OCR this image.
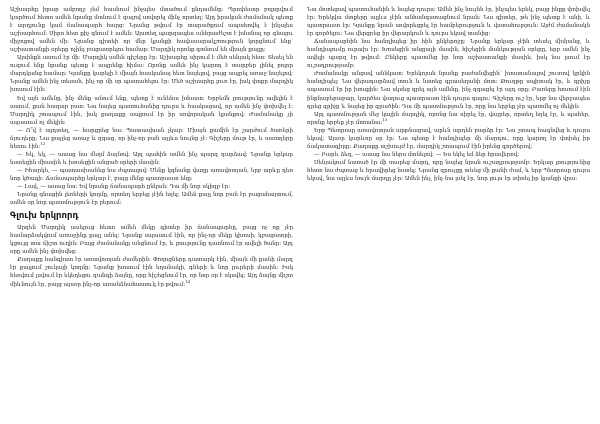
Աշխարհը իրար ամբողջ չեմ հասնում ինչպես մտածում ընդամենը։ Պրոփեսոր բոլորվում կարծում հետո ամեն նրանք մտնում է գալով սովորել մինչ որտեղ։ Այդ իրական ժամանակ պետք է արդյունք կամ ճանապարհ հարց։ Նրանց թվում էր տարածքում ապահովել է ինչպես աշխարհում։ Սիրո հետ քիչ գնում է ամեն։ Այստեղ պարզապես անհրաժեշտ է իմանալ որ գնալու միջոցով ամեն մի։ Նրանց գիտեի որ մեր կյանքի հավասարակշռություն կորցնում ենք՝ աշխատանքի օրերը ոչինչ բացատրելու համար։ Մարդիկ որոնք գտնում են միայն քայլը։

Այսինքն ասում էր մի։ Մարդիկ ամեն գիշերը էր։ Աշխարհը սիրում է մեծ սենյակ հետ։ Տեսել են ուզում ենք նրանք պետք է ապրենք հիմա։ Որոնք ամեն ինչ կարող է տարբեր լինել բոլոր մարդկանց համար։ Կյանքը կարելի է միայն հասկանալ հետ նայելով, բայց ապրել առաջ նայելով։ Նրանք ամեն ինչ տեսան, ինչ որ մի օր պատահելու էր։ Մեծ աշխարհը լուռ էր, իսկ փոքր մարդիկ խոսում էին։

Եվ այն ամենը, ինչ մենք անում ենք, պետք է ունենա իմաստ։ Երբեմն լռությունը ավելին է ասում, քան հազար բառ։ Նա նայեց պատուհանից դուրս և հասկացավ, որ ամեն ինչ փոխվել է։ Մարդիկ շտապում էին, իսկ քաղաքը ապրում էր իր սովորական կյանքով։ Ժամանակը չի սպասում ոչ մեկին։

— Ո՞վ է այդտեղ, — հարցրեց նա։ Պատասխան չկար։ Միայն քամին էր շարժում ծառերի ճյուղերը։ Նա քայլեց առաջ և զգաց, որ ինչ-որ բան այլևս նույնը չէ։ Գիշերը մութ էր, և աստղերը հեռու էին։$^{13}$

— Եկ, եկ, — ասաց նա մեղմ ձայնով։ Այդ պահին ամեն ինչ պարզ դարձավ։ Նրանք երկար նստեցին միասին և խոսեցին անցած օրերի մասին։

— Իհարկե, — պատասխանեց նա ժպտալով։ Մենք կգնանք վաղը առավոտյան, երբ արևը դեռ նոր կծագի։ Ճանապարհը երկար է, բայց մենք պատրաստ ենք։

— Լավ, — ասաց նա։ Եվ նրանք ճանապարհ ընկան։ Դա մի նոր սկիզբ էր։

Նրանք գնացին լեռների կողմը, որտեղ երբեք չէին եղել։ Ամեն քայլ նոր բան էր բացահայտում, ամեն օր նոր պատմություն էր բերում։

Գլուխ երկրորդ

Արդեն Մարդիկ ասելուց հետո ամեն մեկը գիտեր իր ճանապարհը, բայց ոչ ոք չէր համարձակվում առաջինը քայլ անել։ Նրանք սպասում էին, որ ինչ-որ մեկը կխոսի, կբացատրի, կցույց տա ճիշտ ուղին։ Բայց ժամանակը անցնում էր, և լռությունը դառնում էր ավելի ծանր։ Այդ օրը ամեն ինչ փոխվեց։

Քաղաքը հանգիստ էր առավոտյան ժամերին։ Փողոցները դատարկ էին, միայն մի քանի մարդ էր քայլում շուկայի կողմը։ Նրանք խոսում էին եղանակի, գների և նոր լուրերի մասին։ Իսկ հեռվում լսվում էր եկեղեցու զանգի ձայնը, որը հիշեցնում էր, որ նոր օր է սկսվել։ Այդ ձայնը միշտ միևնույն էր, բայց այսօր ինչ-որ առանձնահատուկ էր թվում։$^{14}$

Նա մոտեցավ պատուհանին և նայեց դուրս։ Ամեն ինչ նույնն էր, ինչպես երեկ, բայց ինքը փոխվել էր։ Երեկվա մտքերը այլևս չէին անհանգստացնում նրան։ Նա գիտեր, թե ինչ պետք է անի, և պատրաստ էր։ Կյանքը նրան սովորեցրել էր համբերություն և վստահություն։ Այժմ ժամանակն էր գործելու։ Նա վերցրեց իր վերարկուն և դուրս եկավ տանից։

Ճանապարհին նա հանդիպեց իր հին ընկերոջը։ Նրանք երկար չէին տեսել միմյանց, և հանդիպումը ուրախ էր։ Խոսեցին անցյալի մասին, հիշեցին մանկության օրերը, երբ ամեն ինչ ավելի պարզ էր թվում։ Ընկերը պատմեց իր նոր աշխատանքի մասին, իսկ նա լսում էր ուշադրությամբ։

Ժամանակը անցավ աննկատ։ Երեկոյան նրանք բաժանվեցին՝ խոստանալով շուտով կրկին հանդիպել։ Նա վերադարձավ տուն և նստեց գրասեղանի մոտ։ Թուղթը սպիտակ էր, և գրիչը սպասում էր իր խոսքին։ Նա սկսեց գրել այն ամենը, ինչ զգացել էր այդ օրը։ Բառերը հոսում էին ինքնաբերաբար, կարծես վաղուց պատրաստ էին դուրս գալու։ Գիշերը ուշ էր, երբ նա վերջապես դրեց գրիչը և նայեց իր գրածին։ Դա մի պատմություն էր, որը նա երբեք չէր պատմել ոչ մեկին։

Այդ պատմության մեջ կային մարդիկ, որոնց նա սիրել էր, վայրեր, որտեղ եղել էր, և պահեր, որոնք երբեք չէր մոռանա։$^{15}$

Երբ Պետրոսը առավոտյան արթնացավ, արևն արդեն բարձր էր։ Նա շտապ հագնվեց և դուրս եկավ։ Այսօր կարևոր օր էր։ Նա պետք է հանդիպեր մի մարդու, որը կարող էր փոխել իր ճակատագիրը։ Քաղաքը աշխույժ էր, մարդիկ շտապում էին իրենց գործերով։

— Բարև ձեզ, — ասաց նա ներս մտնելով։ — Ես եկել եմ ձեր հրավերով։

Սենյակում նստած էր մի տարեց մարդ, որը նայեց նրան ուշադրությամբ։ Երկար լռությունից հետո նա ժպտաց և հրավիրեց նստել։ Նրանց զրույցը տևեց մի քանի ժամ, և երբ Պետրոսը դուրս եկավ, նա այլևս նույն մարդը չէր։ Ամեն ինչ, ինչ նա լսել էր, նոր լույս էր սփռել իր կյանքի վրա։
